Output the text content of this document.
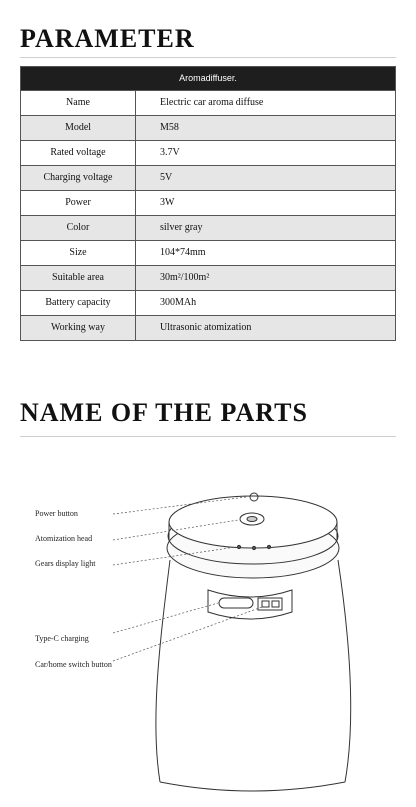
PARAMETER
Aromadiffuser.
Name	Electric car aroma diffuse
Model	M58
Rated voltage	3.7V
Charging voltage	5V
Power	3W
Color	silver gray
Size	104*74mm
Suitable area	30m²/100m²
Battery capacity	300MAh
Working way	Ultrasonic atomization
NAME OF THE PARTS
Power button
Atomization head
Gears display light
Type-C charging
Car/home switch button
